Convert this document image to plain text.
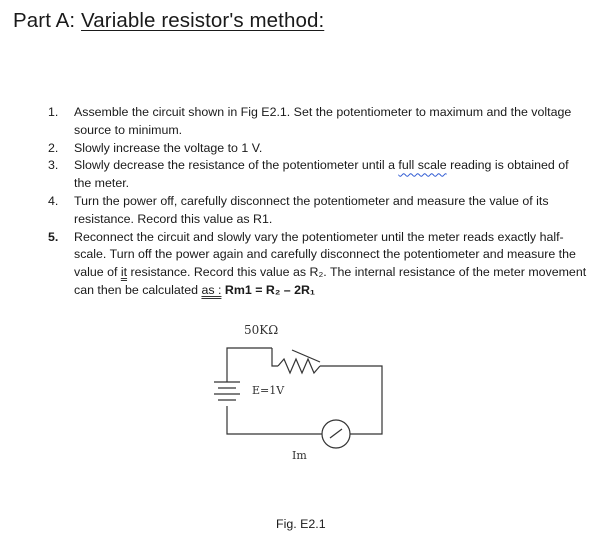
Part A: Variable resistor's method:
1. Assemble the circuit shown in Fig E2.1. Set the potentiometer to maximum and the voltage source to minimum.
2. Slowly increase the voltage to 1 V.
3. Slowly decrease the resistance of the potentiometer until a full scale reading is obtained of the meter.
4. Turn the power off, carefully disconnect the potentiometer and measure the value of its resistance. Record this value as R1.
5. Reconnect the circuit and slowly vary the potentiometer until the meter reads exactly half-scale. Turn off the power again and carefully disconnect the potentiometer and measure the value of it resistance. Record this value as R₂. The internal resistance of the meter movement can then be calculated as : Rm1 = R₂ – 2R₁
50KΩ
E=1V
Im
Fig. E2.1
